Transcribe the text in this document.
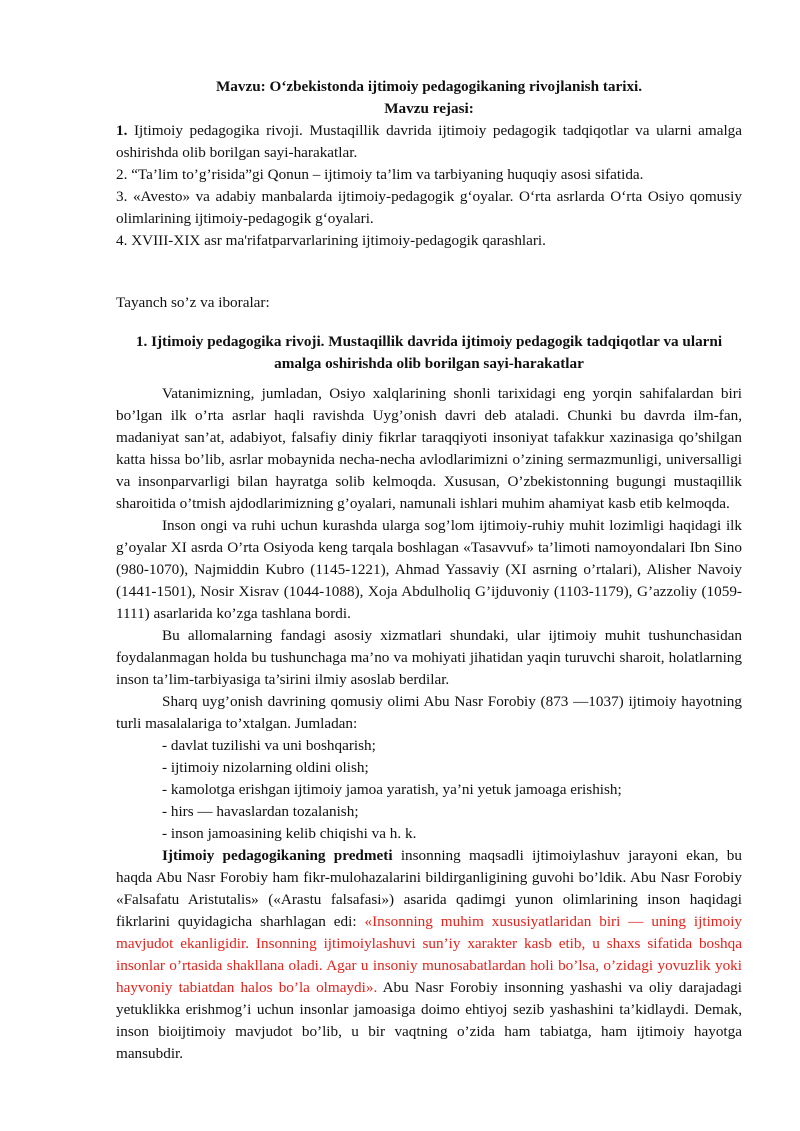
Mavzu: O‘zbekistonda ijtimoiy pedagogikaning rivojlanish tarixi.

Mavzu rejasi:

1. Ijtimoiy pedagogika rivoji. Mustaqillik davrida ijtimoiy pedagogik tadqiqotlar va ularni amalga oshirishda olib borilgan sayi-harakatlar.

2. “Ta’lim to’g’risida”gi Qonun – ijtimoiy ta’lim va tarbiyaning huquqiy asosi sifatida.

3. «Avesto» va adabiy manbalarda ijtimoiy-pedagogik g‘oyalar. O‘rta asrlarda O‘rta Osiyo qomusiy olimlarining ijtimoiy-pedagogik g‘oyalari.

4. XVIII-XIX asr ma'rifatparvarlarining ijtimoiy-pedagogik qarashlari.

Tayanch so’z va iboralar:

1. Ijtimoiy pedagogika rivoji. Mustaqillik davrida ijtimoiy pedagogik tadqiqotlar va ularni amalga oshirishda olib borilgan sayi-harakatlar

Vatanimizning, jumladan, Osiyo xalqlarining shonli tarixidagi eng yorqin sahifalardan biri bo’lgan ilk o’rta asrlar haqli ravishda Uyg’onish davri deb ataladi. Chunki bu davrda ilm-fan, madaniyat san’at, adabiyot, falsafiy diniy fikrlar taraqqiyoti insoniyat tafakkur xazinasiga qo’shilgan katta hissa bo’lib, asrlar mobaynida necha-necha avlodlarimizni o’zining sermazmunligi, universalligi va insonparvarligi bilan hayratga solib kelmoqda. Xususan, O’zbekistonning bugungi mustaqillik sharoitida o’tmish ajdodlarimizning g’oyalari, namunali ishlari muhim ahamiyat kasb etib kelmoqda.

Inson ongi va ruhi uchun kurashda ularga sog’lom ijtimoiy-ruhiy muhit lozimligi haqidagi ilk g’oyalar XI asrda O’rta Osiyoda keng tarqala boshlagan «Tasavvuf» ta’limoti namoyondalari Ibn Sino (980-1070), Najmiddin Kubro (1145-1221), Ahmad Yassaviy (XI asrning o’rtalari), Alisher Navoiy (1441-1501), Nosir Xisrav (1044-1088), Xoja Abdulholiq G’ijduvoniy (1103-1179), G’azzoliy (1059-1111) asarlarida ko’zga tashlana bordi.

Bu allomalarning fandagi asosiy xizmatlari shundaki, ular ijtimoiy muhit tushunchasidan foydalanmagan holda bu tushunchaga ma’no va mohiyati jihatidan yaqin turuvchi sharoit, holatlarning inson ta’lim-tarbiyasiga ta’sirini ilmiy asoslab berdilar.

Sharq uyg’onish davrining qomusiy olimi Abu Nasr Forobiy (873 —1037) ijtimoiy hayotning turli masalalariga to’xtalgan. Jumladan:

- davlat tuzilishi va uni boshqarish;

- ijtimoiy nizolarning oldini olish;

- kamolotga erishgan ijtimoiy jamoa yaratish, ya’ni yetuk jamoaga erishish;

- hirs — havaslardan tozalanish;

- inson jamoasining kelib chiqishi va h. k.

Ijtimoiy pedagogikaning predmeti insonning maqsadli ijtimoiylashuv jarayoni ekan, bu haqda Abu Nasr Forobiy ham fikr-mulohazalarini bildirganligining guvohi bo’ldik. Abu Nasr Forobiy «Falsafatu Aristutalis» («Arastu falsafasi») asarida qadimgi yunon olimlarining inson haqidagi fikrlarini quyidagicha sharhlagan edi: «Insonning muhim xususiyatlaridan biri — uning ijtimoiy mavjudot ekanligidir. Insonning ijtimoiylashuvi sun’iy xarakter kasb etib, u shaxs sifatida boshqa insonlar o’rtasida shakllana oladi. Agar u insoniy munosabatlardan holi bo’lsa, o’zidagi yovuzlik yoki hayvoniy tabiatdan halos bo’la olmaydi». Abu Nasr Forobiy insonning yashashi va oliy darajadagi yetuklikka erishmog’i uchun insonlar jamoasiga doimo ehtiyoj sezib yashashini ta’kidlaydi. Demak, inson bioijtimoiy mavjudot bo’lib, u bir vaqtning o’zida ham tabiatga, ham ijtimoiy hayotga mansubdir.
